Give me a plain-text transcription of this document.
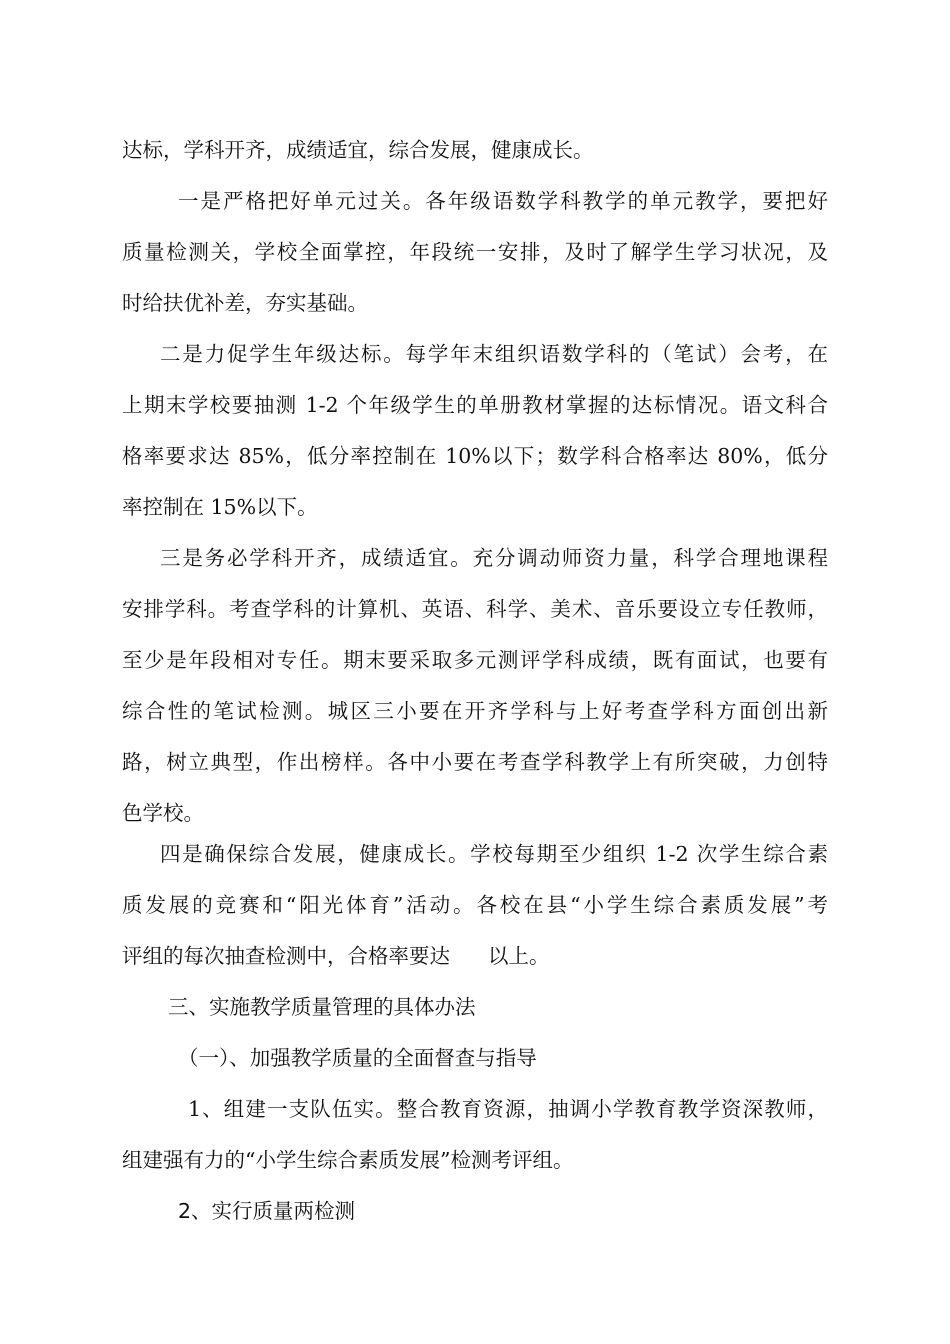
达标，学科开齐，成绩适宜，综合发展，健康成长。
一是严格把好单元过关。各年级语数学科教学的单元教学，要把好
质量检测关，学校全面掌控，年段统一安排，及时了解学生学习状况，及
时给扶优补差，夯实基础。
二是力促学生年级达标。每学年末组织语数学科的（笔试）会考，在
上期末学校要抽测 1-2 个年级学生的单册教材掌握的达标情况。语文科合
格率要求达 85%，低分率控制在 10%以下；数学科合格率达 80%，低分
率控制在 15%以下。
三是务必学科开齐，成绩适宜。充分调动师资力量，科学合理地课程
安排学科。考查学科的计算机、英语、科学、美术、音乐要设立专任教师，
至少是年段相对专任。期末要采取多元测评学科成绩，既有面试，也要有
综合性的笔试检测。城区三小要在开齐学科与上好考查学科方面创出新
路，树立典型，作出榜样。各中小要在考查学科教学上有所突破，力创特
色学校。
四是确保综合发展，健康成长。学校每期至少组织 1-2 次学生综合素
质发展的竞赛和“阳光体育”活动。各校在县“小学生综合素质发展”考
评组的每次抽查检测中，合格率要达 以上。
三、实施教学质量管理的具体办法
（一）、加强教学质量的全面督查与指导
1、组建一支队伍实。整合教育资源，抽调小学教育教学资深教师，
组建强有力的“小学生综合素质发展”检测考评组。
2、实行质量两检测
